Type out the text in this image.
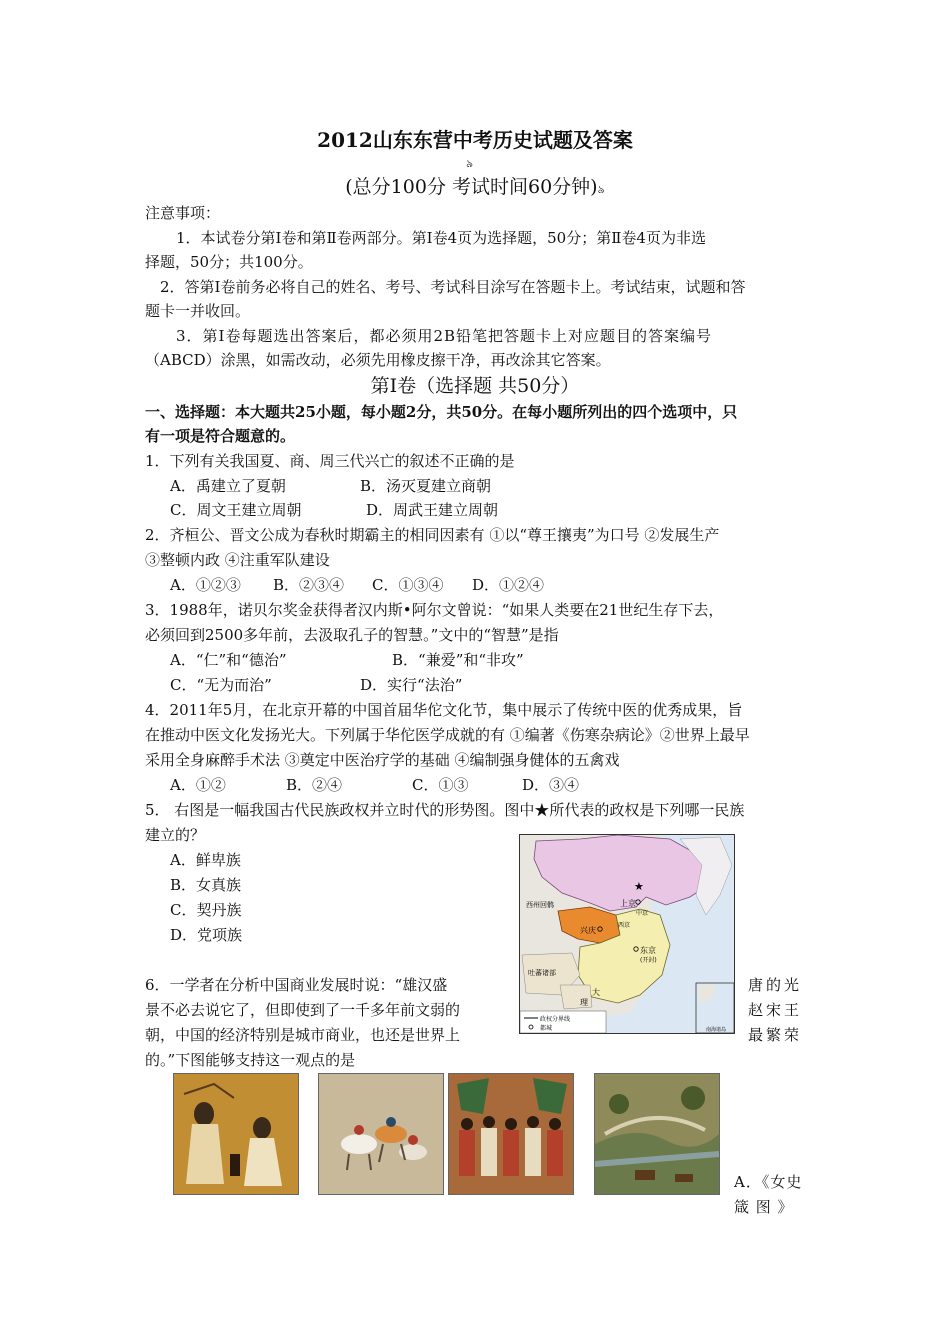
2012山东东营中考历史试题及答案
৯
(总分100分 考试时间60分钟)৯
注意事项：
1．本试卷分第Ⅰ卷和第Ⅱ卷两部分。第Ⅰ卷4页为选择题，50分；第Ⅱ卷4页为非选
择题，50分；共100分。
2．答第Ⅰ卷前务必将自己的姓名、考号、考试科目涂写在答题卡上。考试结束，试题和答
题卡一并收回。
3．第Ⅰ卷每题选出答案后，都必须用2B铅笔把答题卡上对应题目的答案编号
（ABCD）涂黑，如需改动，必须先用橡皮擦干净，再改涂其它答案。
第Ⅰ卷（选择题 共50分）
一、选择题：本大题共25小题，每小题2分，共50分。在每小题所列出的四个选项中，只
有一项是符合题意的。
1．下列有关我国夏、商、周三代兴亡的叙述不正确的是
A．禹建立了夏朝	B．汤灭夏建立商朝
C．周文王建立周朝	D．周武王建立周朝
2．齐桓公、晋文公成为春秋时期霸主的相同因素有 ①以“尊王攘夷”为口号 ②发展生产
③整顿内政 ④注重军队建设
A．①②③ B．②③④ C．①③④ D．①②④
3．1988年，诺贝尔奖金获得者汉内斯•阿尔文曾说：“如果人类要在21世纪生存下去，
必须回到2500多年前，去汲取孔子的智慧。”文中的“智慧”是指
A．“仁”和“德治”	B．“兼爱”和“非攻”
C．“无为而治”	D．实行“法治”
4．2011年5月，在北京开幕的中国首届华佗文化节，集中展示了传统中医的优秀成果，旨
在推动中医文化发扬光大。下列属于华佗医学成就的有 ①编著《伤寒杂病论》②世界上最早
采用全身麻醉手术法 ③奠定中医治疗学的基础 ④编制强身健体的五禽戏
A．①②	B．②④	C．①③	D．③④
5． 右图是一幅我国古代民族政权并立时代的形势图。图中★所代表的政权是下列哪一民族
建立的？
A．鲜卑族
B．女真族
C．契丹族
D．党项族
★
上京
中京
西京
西州回鹘
兴庆
东京
(开封)
吐蕃诸部
大
理
政权分界线
都城	南海诸岛
6．一学者在分析中国商业发展时说：“雄汉盛	唐的光
景不必去说它了，但即使到了一千多年前文弱的	赵宋王
朝，中国的经济特别是城市商业，也还是世界上	最繁荣
的。”下图能够支持这一观点的是
A．《女史
箴 图 》
